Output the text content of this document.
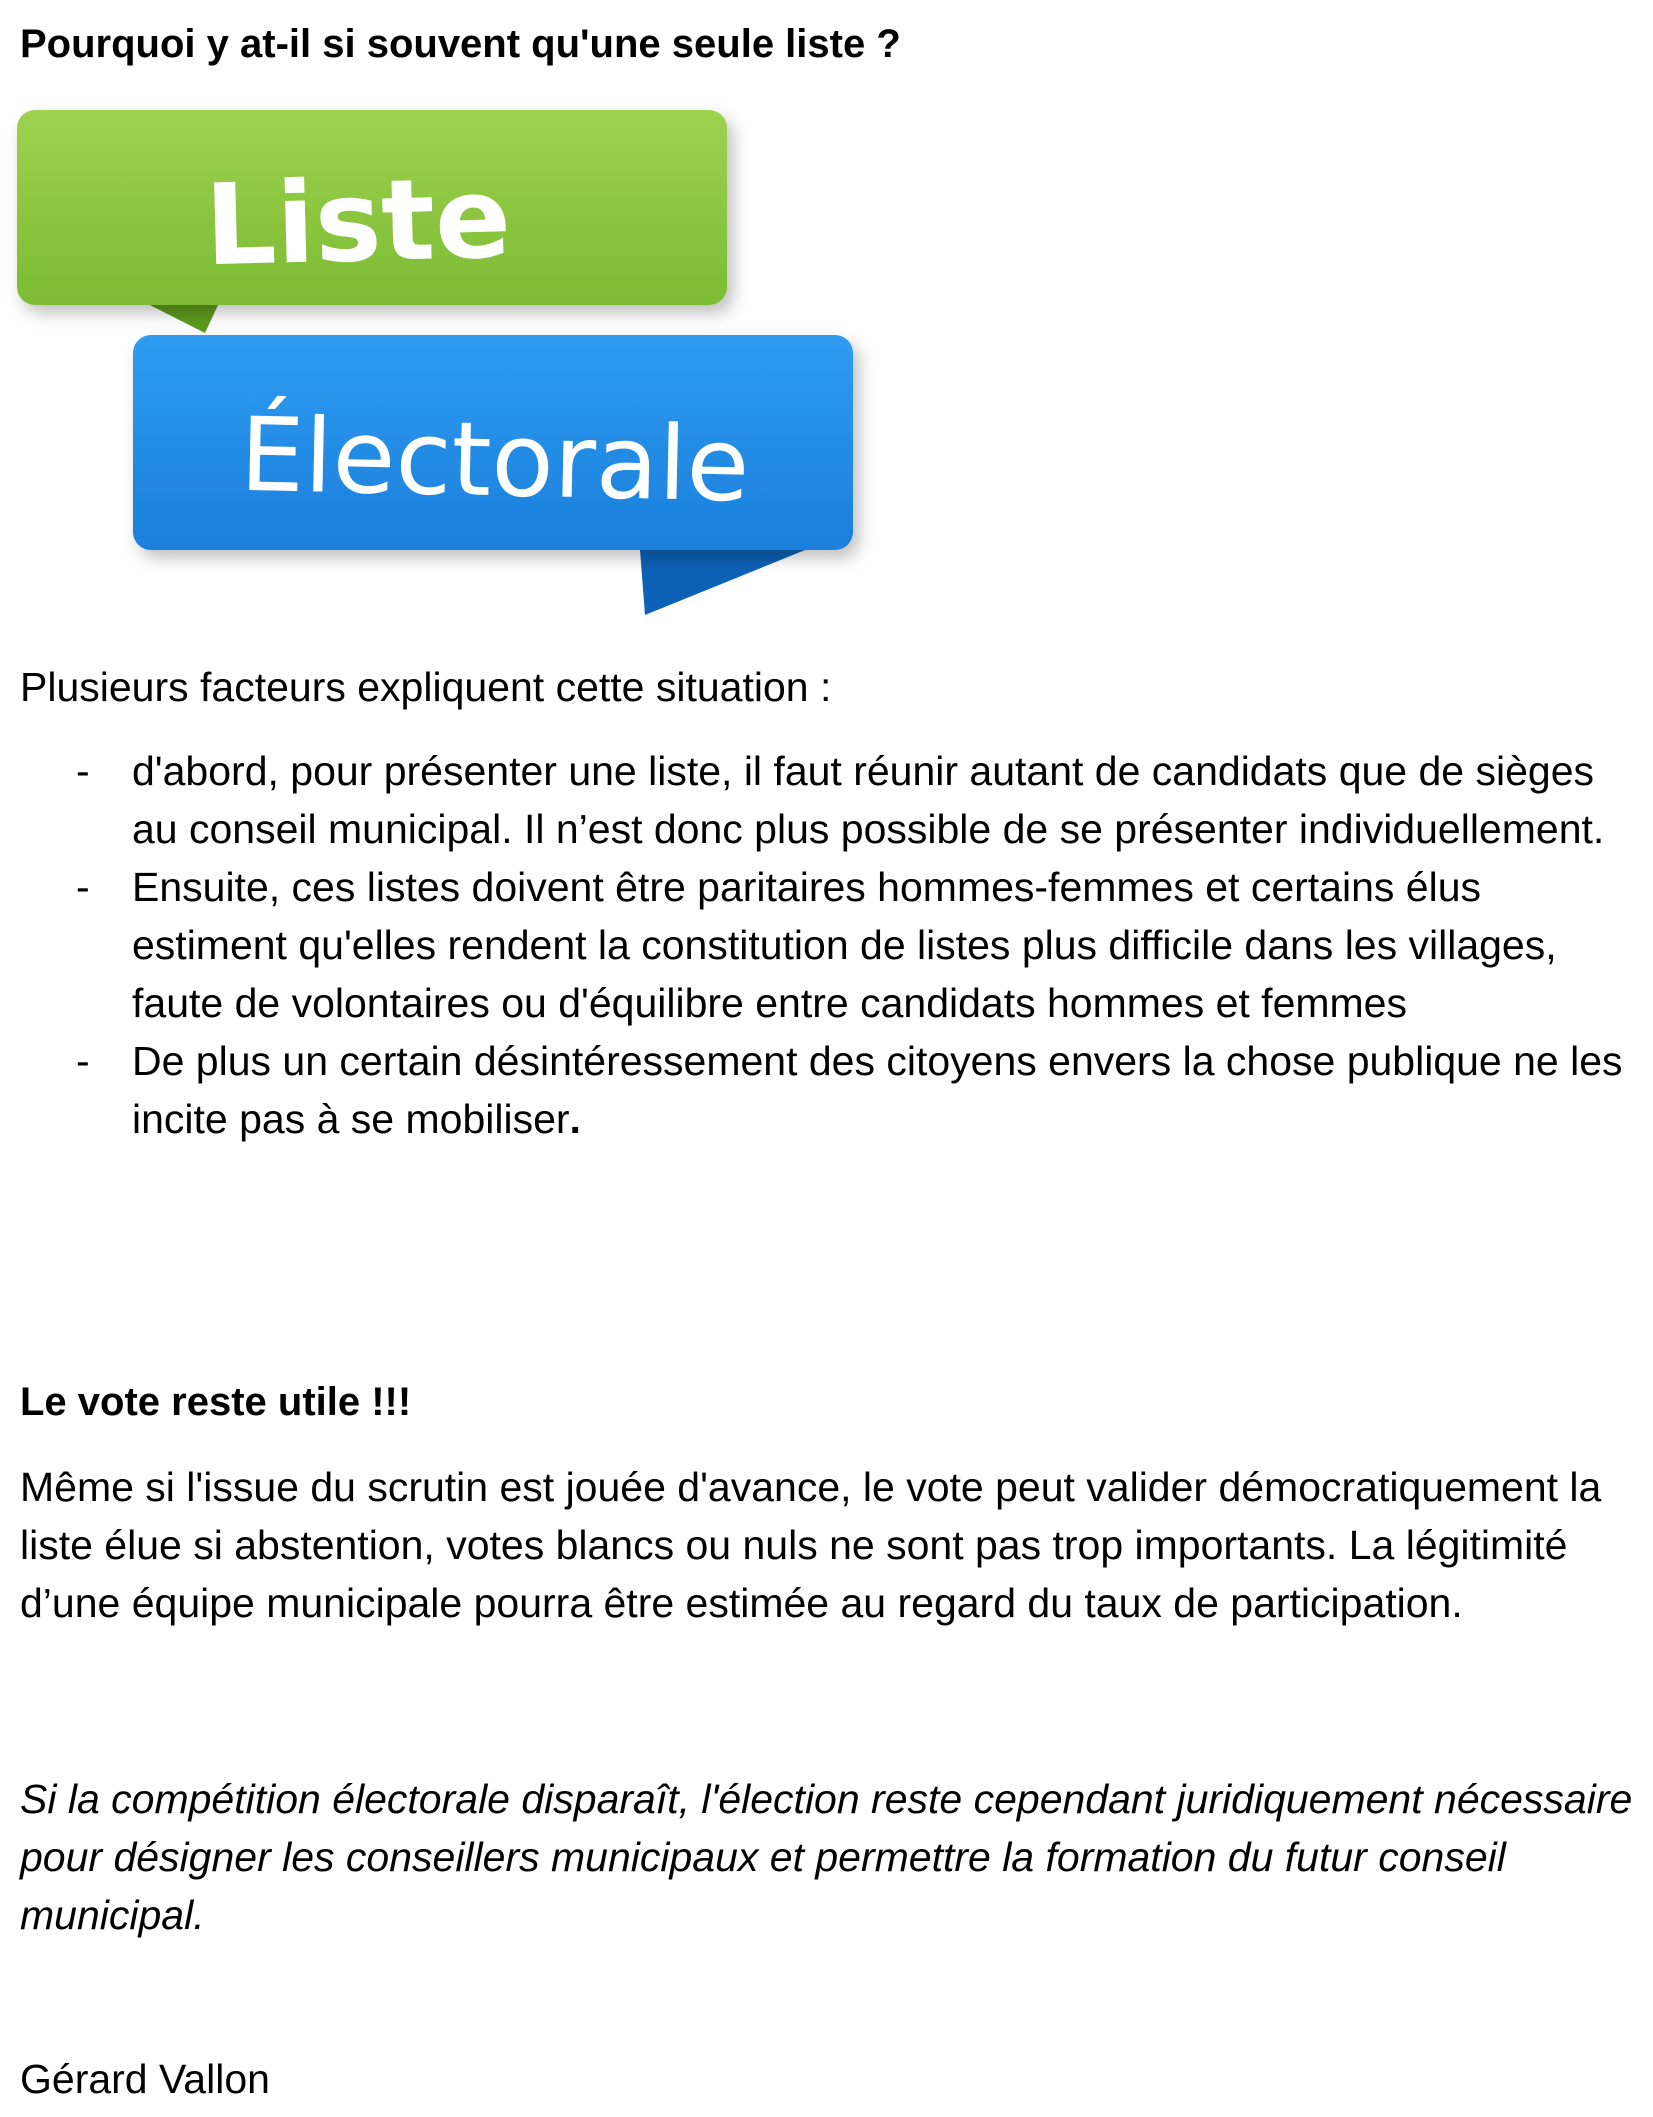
Pourquoi y at-il si souvent qu'une seule liste ?
Liste
Électorale

Plusieurs facteurs expliquent cette situation :

- d'abord, pour présenter une liste, il faut réunir autant de candidats que de sièges au conseil municipal. Il n’est donc plus possible de se présenter individuellement.
- Ensuite, ces listes doivent être paritaires hommes-femmes et certains élus estiment qu'elles rendent la constitution de listes plus difficile dans les villages, faute de volontaires ou d'équilibre entre candidats hommes et femmes
- De plus un certain désintéressement des citoyens envers la chose publique ne les incite pas à se mobiliser.
Le vote reste utile !!!

Même si l'issue du scrutin est jouée d'avance, le vote peut valider démocratiquement la liste élue si abstention, votes blancs ou nuls ne sont pas trop importants. La légitimité d’une équipe municipale pourra être estimée au regard du taux de participation.

Si la compétition électorale disparaît, l'élection reste cependant juridiquement nécessaire pour désigner les conseillers municipaux et permettre la formation du futur conseil municipal.

Gérard Vallon
